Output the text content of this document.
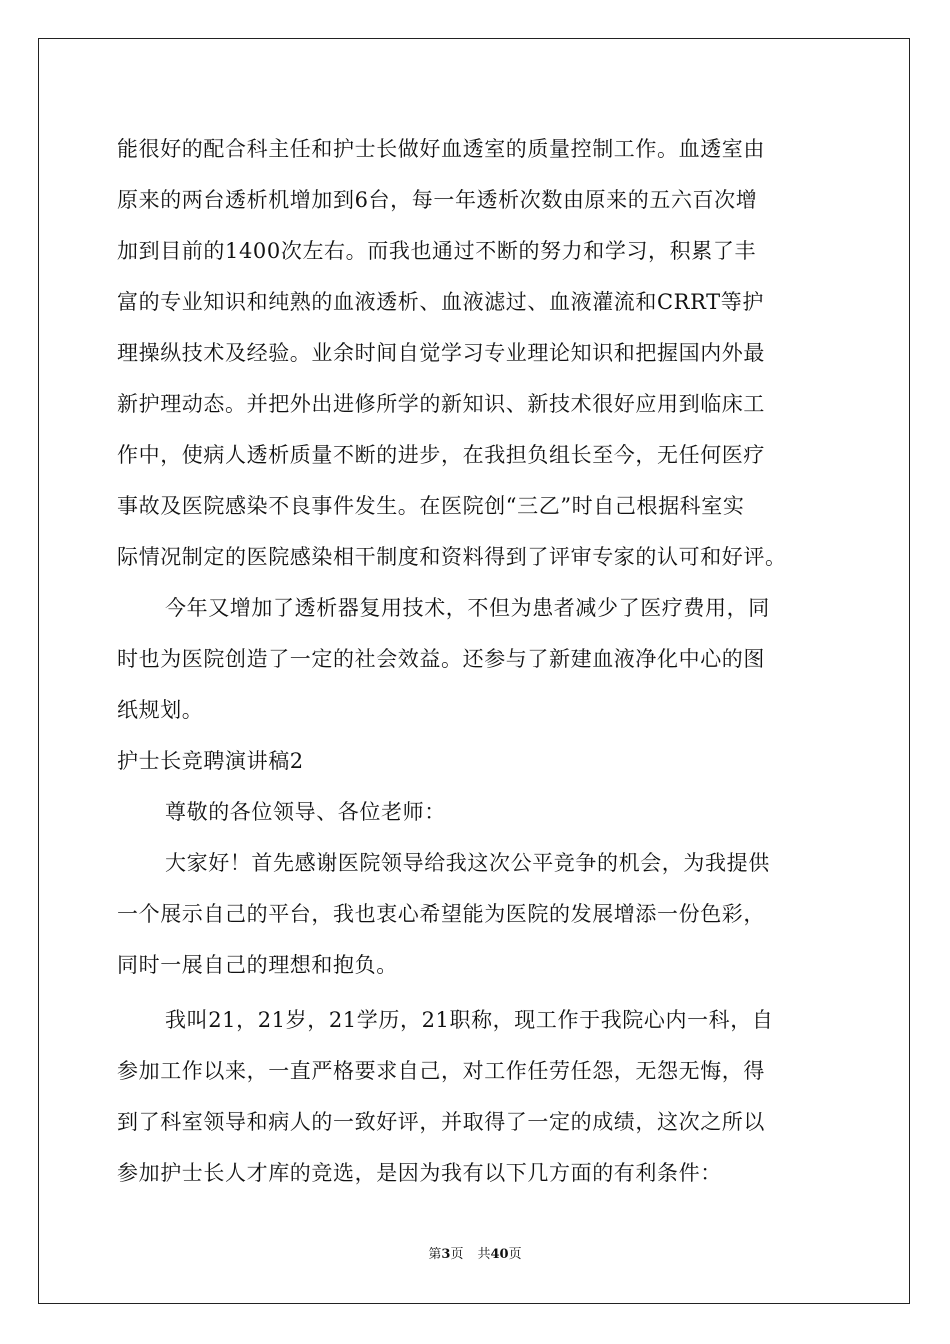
能很好的配合科主任和护士长做好血透室的质量控制工作。血透室由
原来的两台透析机增加到6台，每一年透析次数由原来的五六百次增
加到目前的1400次左右。而我也通过不断的努力和学习，积累了丰
富的专业知识和纯熟的血液透析、血液滤过、血液灌流和CRRT等护
理操纵技术及经验。业余时间自觉学习专业理论知识和把握国内外最
新护理动态。并把外出进修所学的新知识、新技术很好应用到临床工
作中，使病人透析质量不断的进步，在我担负组长至今，无任何医疗
事故及医院感染不良事件发生。在医院创“三乙”时自己根据科室实
际情况制定的医院感染相干制度和资料得到了评审专家的认可和好评。
今年又增加了透析器复用技术，不但为患者减少了医疗费用，同
时也为医院创造了一定的社会效益。还参与了新建血液净化中心的图
纸规划。
护士长竞聘演讲稿2
尊敬的各位领导、各位老师：
大家好！首先感谢医院领导给我这次公平竞争的机会，为我提供
一个展示自己的平台，我也衷心希望能为医院的发展增添一份色彩，
同时一展自己的理想和抱负。
我叫21，21岁，21学历，21职称，现工作于我院心内一科，自
参加工作以来，一直严格要求自己，对工作任劳任怨，无怨无悔，得
到了科室领导和病人的一致好评，并取得了一定的成绩，这次之所以
参加护士长人才库的竞选，是因为我有以下几方面的有利条件：
第3页 共40页
